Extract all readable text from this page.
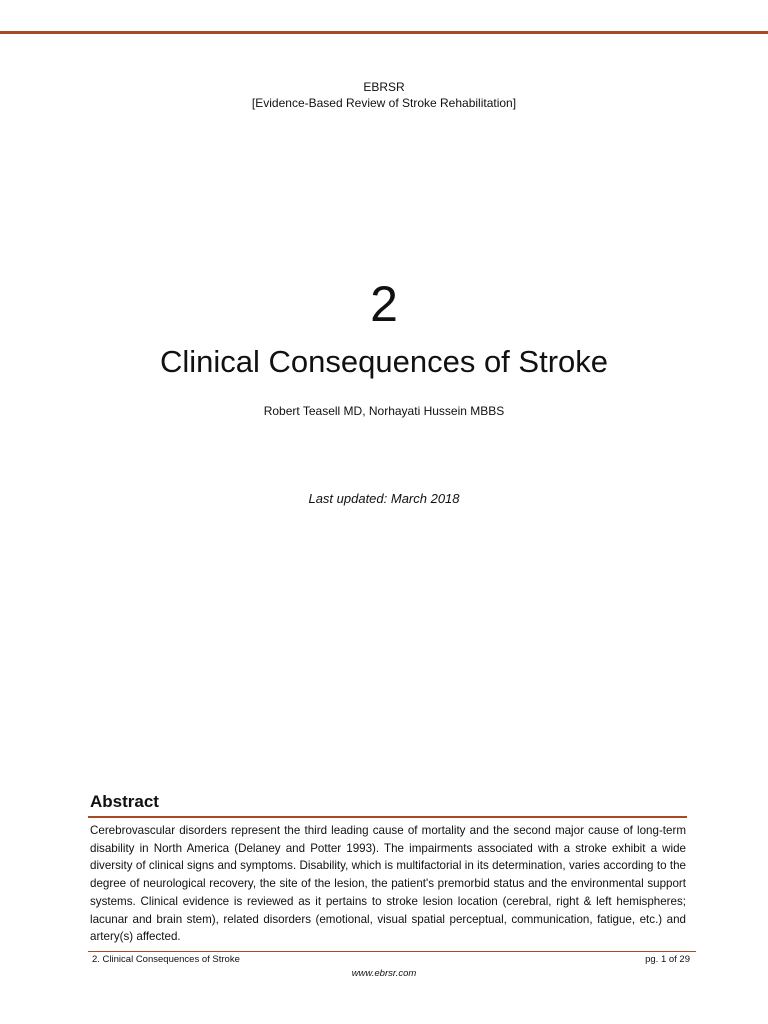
EBRSR
[Evidence-Based Review of Stroke Rehabilitation]
2
Clinical Consequences of Stroke
Robert Teasell MD, Norhayati Hussein MBBS
Last updated: March 2018
Abstract
Cerebrovascular disorders represent the third leading cause of mortality and the second major cause of long-term disability in North America (Delaney and Potter 1993). The impairments associated with a stroke exhibit a wide diversity of clinical signs and symptoms. Disability, which is multifactorial in its determination, varies according to the degree of neurological recovery, the site of the lesion, the patient's premorbid status and the environmental support systems. Clinical evidence is reviewed as it pertains to stroke lesion location (cerebral, right & left hemispheres; lacunar and brain stem), related disorders (emotional, visual spatial perceptual, communication, fatigue, etc.) and artery(s) affected.
2. Clinical Consequences of Stroke	pg. 1 of 29
www.ebrsr.com
